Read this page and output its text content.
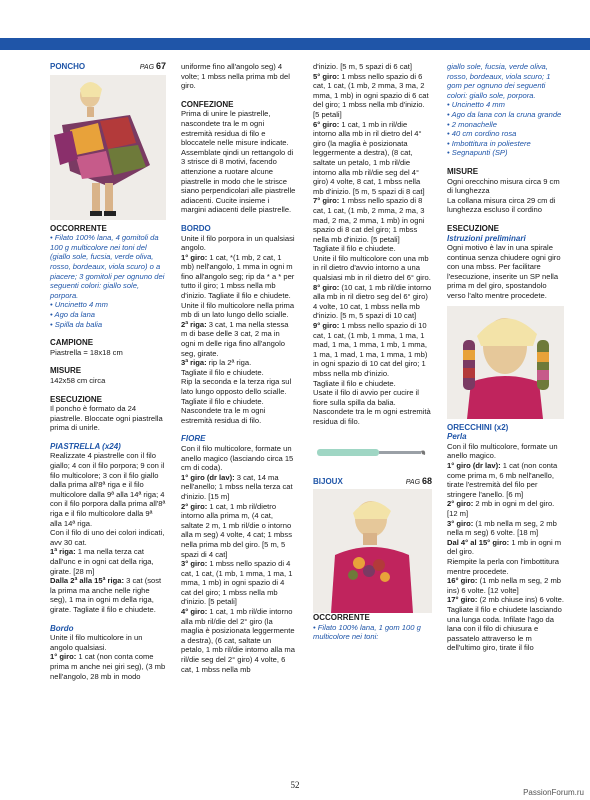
PONCHO	PAG 67

OCCORRENTE

• Filato 100% lana, 4 gomitoli da 100 g multicolore nei toni del (giallo sole, fucsia, verde oliva, rosso, bordeaux, viola scuro) o a piacere; 3 gomitoli per ognuno dei seguenti colori: giallo sole, porpora.
• Uncinetto 4 mm
• Ago da lana
• Spilla da balia

CAMPIONE

Piastrella = 18x18 cm

MISURE

142x58 cm circa

ESECUZIONE

Il poncho è formato da 24 piastrelle. Bloccate ogni piastrella prima di unirle.

PIASTRELLA (x24)

Realizzate 4 piastrelle con il filo giallo; 4 con il filo porpora; 9 con il filo multicolore; 3 con il filo giallo dalla prima all'8ª riga e il filo multicolore dalla 9ª alla 14ª riga; 4 con il filo porpora dalla prima all'8ª riga e il filo multicolore dalla 9ª alla 14ª riga.

Con il filo di uno dei colori indicati, avv 30 cat.

1ª riga: 1 ma nella terza cat dall'unc e in ogni cat della riga, girate. [28 m]

Dalla 2ª alla 15ª riga: 3 cat (sost la prima ma anche nelle righe seg), 1 ma in ogni m della riga, girate. Tagliate il filo e chiudete.

Bordo

Unite il filo multicolore in un angolo qualsiasi.

1° giro: 1 cat (non conta come prima m anche nei giri seg), (3 mb nell'angolo, 28 mb in modo

uniforme fino all'angolo seg) 4 volte; 1 mbss nella prima mb del giro.

CONFEZIONE

Prima di unire le piastrelle, nascondete tra le m ogni estremità residua di filo e bloccatele nelle misure indicate. Assemblate qindi un rettangolo di 3 strisce di 8 motivi, facendo attenzione a ruotare alcune piastrelle in modo che le strisce siano perpendicolari alle piastrelle adiacenti. Cucite insieme i margini adiacenti delle piastrelle.

BORDO

Unite il filo porpora in un qualsiasi angolo.

1° giro: 1 cat, *(1 mb, 2 cat, 1 mb) nell'angolo, 1 mma in ogni m fino all'angolo seg; rip da * a * per tutto il giro; 1 mbss nella mb d'inizio. Tagliate il filo e chiudete. Unite il filo multicolore nella prima mb di un lato lungo dello scialle.

2ª riga: 3 cat, 1 ma nella stessa m di base delle 3 cat, 2 ma in ogni m delle riga fino all'angolo seg, girate.

3ª riga: rip la 2ª riga.

Tagliate il filo e chiudete.

Rip la seconda e la terza riga sul lato lungo opposto dello scialle. Tagliate il filo e chiudete. Nascondete tra le m ogni estremità residua di filo.

FIORE

Con il filo multicolore, formate un anello magico (lasciando circa 15 cm di coda).

1° giro (dr lav): 3 cat, 14 ma nell'anello; 1 mbss nella terza cat d'inizio. [15 m]

2° giro: 1 cat, 1 mb ril/dietro intorno alla prima m, (4 cat, saltate 2 m, 1 mb ril/die o intorno alla m seg) 4 volte, 4 cat; 1 mbss nella prima mb del giro. [5 m, 5 spazi di 4 cat]

3° giro: 1 mbss nello spazio di 4 cat, 1 cat, (1 mb, 1 mma, 1 ma, 1 mma, 1 mb) in ogni spazio di 4 cat del giro; 1 mbss nella mb d'inizio. [5 petali]

4° giro: 1 cat, 1 mb ril/die intorno alla mb ril/die del 2° giro (la maglia è posizionata leggermente a destra), (6 cat, saltate un petalo, 1 mb ril/die intorno alla ma ril/die seg del 2° giro) 4 volte, 6 cat, 1 mbss nella mb

d'inizio. [5 m, 5 spazi di 6 cat]

5° giro: 1 mbss nello spazio di 6 cat, 1 cat, (1 mb, 2 mma, 3 ma, 2 mma, 1 mb) in ogni spazio di 6 cat del giro; 1 mbss nella mb d'inizio. [5 petali]

6° giro: 1 cat, 1 mb in ril/die intorno alla mb in ril dietro del 4° giro (la maglia è posizionata leggermente a destra), (8 cat, saltate un petalo, 1 mb ril/die intorno alla mb ril/die seg del 4° giro) 4 volte, 8 cat, 1 mbss nella mb d'inizio. [5 m, 5 spazi di 8 cat]

7° giro: 1 mbss nello spazio di 8 cat, 1 cat, (1 mb, 2 mma, 2 ma, 3 mad, 2 ma, 2 mma, 1 mb) in ogni spazio di 8 cat del giro; 1 mbss nella mb d'inizio. [5 petali]

Tagliate il filo e chiudete.

Unite il filo multicolore con una mb in ril dietro d'avvio intorno a una qualsiasi mb in ril dietro del 6° giro.

8° giro: (10 cat, 1 mb ril/die intorno alla mb in ril dietro seg del 6° giro) 4 volte, 10 cat, 1 mbss nella mb d'inizio. [5 m, 5 spazi di 10 cat]

9° giro: 1 mbss nello spazio di 10 cat, 1 cat, (1 mb, 1 mma, 1 ma, 1 mad, 1 ma, 1 mma, 1 mb, 1 mma, 1 ma, 1 mad, 1 ma, 1 mma, 1 mb) in ogni spazio di 10 cat del giro; 1 mbss nella mb d'inizio.

Tagliate il filo e chiudete.

Usate il filo di avvio per cucire il fiore sulla spilla da balia. Nascondete tra le m ogni estremità residua di filo.

BIJOUX	PAG 68

OCCORRENTE

• Filato 100% lana, 1 gom 100 g multicolore nei toni:

giallo sole, fucsia, verde oliva, rosso, bordeaux, viola scuro; 1 gom per ognuno dei seguenti colori: giallo sole, porpora.

• Uncinetto 4 mm
• Ago da lana con la cruna grande
• 2 monachelle
• 40 cm cordino rosa
• Imbottitura in poliestere
• Segnapunti (SP)

MISURE

Ogni orecchino misura circa 9 cm di lunghezza

La collana misura circa 29 cm di lunghezza escluso il cordino

ESECUZIONE

Istruzioni preliminari

Ogni motivo è lav in una spirale continua senza chiudere ogni giro con una mbss. Per facilitare l'esecuzione, inserite un SP nella prima m del giro, spostandolo verso l'alto mentre procedete.

ORECCHINI (x2)

Perla

Con il filo multicolore, formate un anello magico.

1° giro (dr lav): 1 cat (non conta come prima m, 6 mb nell'anello, tirate l'estremità del filo per stringere l'anello. [6 m]

2° giro: 2 mb in ogni m del giro. [12 m]

3° giro: (1 mb nella m seg, 2 mb nella m seg) 6 volte. [18 m]

Dal 4° al 15° giro: 1 mb in ogni m del giro.

Riempite la perla con l'imbottitura mentre procedete.

16° giro: (1 mb nella m seg, 2 mb ins) 6 volte. [12 volte]

17° giro: (2 mb chiuse ins) 6 volte.

Tagliate il filo e chiudete lasciando una lunga coda. Infilate l'ago da lana con il filo di chiusura e passatelo attraverso le m dell'ultimo giro, tirate il filo

52
PassionForum.ru
